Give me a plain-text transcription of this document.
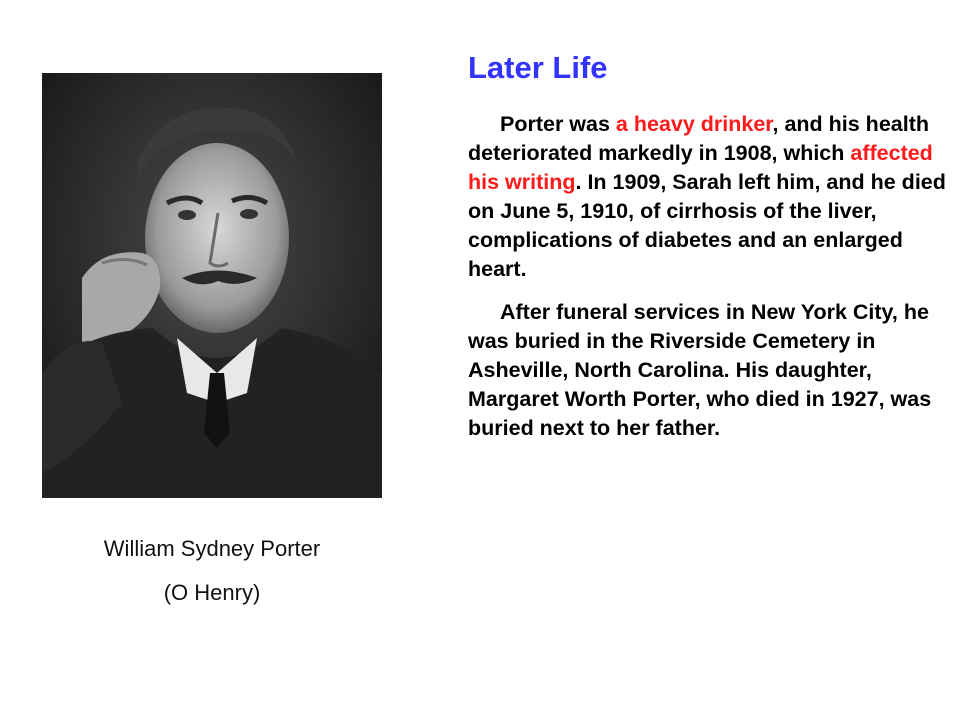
William Sydney Porter
(O Henry)
Later Life

Porter was a heavy drinker, and his health deteriorated markedly in 1908, which affected his writing. In 1909, Sarah left him, and he died on June 5, 1910, of cirrhosis of the liver, complications of diabetes and an enlarged heart.

After funeral services in New York City, he was buried in the Riverside Cemetery in Asheville, North Carolina. His daughter, Margaret Worth Porter, who died in 1927, was buried next to her father.
